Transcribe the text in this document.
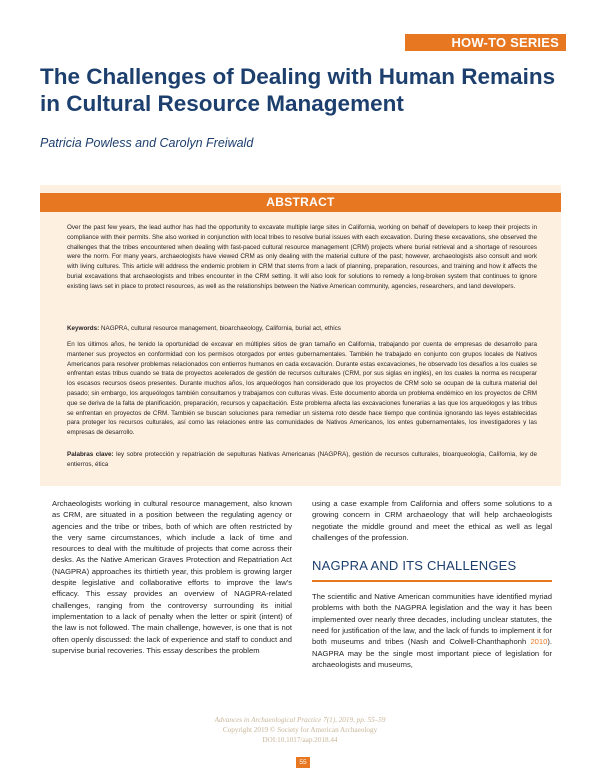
HOW-TO SERIES
The Challenges of Dealing with Human Remains in Cultural Resource Management
Patricia Powless and Carolyn Freiwald
ABSTRACT

Over the past few years, the lead author has had the opportunity to excavate multiple large sites in California, working on behalf of developers to keep their projects in compliance with their permits. She also worked in conjunction with local tribes to resolve burial issues with each excavation. During these excavations, she observed the challenges that the tribes encountered when dealing with fast-paced cultural resource management (CRM) projects where burial retrieval and a shortage of resources were the norm. For many years, archaeologists have viewed CRM as only dealing with the material culture of the past; however, archaeologists also consult and work with living cultures. This article will address the endemic problem in CRM that stems from a lack of planning, preparation, resources, and training and how it affects the burial excavations that archaeologists and tribes encounter in the CRM setting. It will also look for solutions to remedy a long-broken system that continues to ignore existing laws set in place to protect resources, as well as the relationships between the Native American community, agencies, researchers, and land developers.

Keywords: NAGPRA, cultural resource management, bioarchaeology, California, burial act, ethics

En los últimos años, he tenido la oportunidad de excavar en múltiples sitios de gran tamaño en California, trabajando por cuenta de empresas de desarrollo para mantener sus proyectos en conformidad con los permisos otorgados por entes gubernamentales. También he trabajado en conjunto con grupos locales de Nativos Americanos para resolver problemas relacionados con entierros humanos en cada excavación. Durante estas excavaciones, he observado los desafíos a los cuales se enfrentan estas tribus cuando se trata de proyectos acelerados de gestión de recursos culturales (CRM, por sus siglas en inglés), en los cuales la norma es recuperar los escasos recursos óseos presentes. Durante muchos años, los arqueólogos han considerado que los proyectos de CRM solo se ocupan de la cultura material del pasado; sin embargo, los arqueólogos también consultamos y trabajamos con culturas vivas. Este documento aborda un problema endémico en los proyectos de CRM que se deriva de la falta de planificación, preparación, recursos y capacitación. Este problema afecta las excavaciones funerarias a las que los arqueólogos y las tribus se enfrentan en proyectos de CRM. También se buscan soluciones para remediar un sistema roto desde hace tiempo que continúa ignorando las leyes establecidas para proteger los recursos culturales, así como las relaciones entre las comunidades de Nativos Americanos, los entes gubernamentales, los investigadores y las empresas de desarrollo.

Palabras clave: ley sobre protección y repatriación de sepulturas Nativas Americanas (NAGPRA), gestión de recursos culturales, bioarqueología, California, ley de entierros, ética

Archaeologists working in cultural resource management, also known as CRM, are situated in a position between the regulating agency or agencies and the tribe or tribes, both of which are often restricted by the very same circumstances, which include a lack of time and resources to deal with the multitude of projects that come across their desks. As the Native American Graves Protection and Repatriation Act (NAGPRA) approaches its thirtieth year, this problem is growing larger despite legislative and collaborative efforts to improve the law's efficacy. This essay provides an overview of NAGPRA-related challenges, ranging from the controversy surrounding its initial implementation to a lack of penalty when the letter or spirit (intent) of the law is not followed. The main challenge, however, is one that is not often openly discussed: the lack of experience and staff to conduct and supervise burial recoveries. This essay describes the problem

using a case example from California and offers some solutions to a growing concern in CRM archaeology that will help archaeologists negotiate the middle ground and meet the ethical as well as legal challenges of the profession.

NAGPRA AND ITS CHALLENGES

The scientific and Native American communities have identified myriad problems with both the NAGPRA legislation and the way it has been implemented over nearly three decades, including unclear statutes, the need for justification of the law, and the lack of funds to implement it for both museums and tribes (Nash and Colwell-Chanthaphonh 2010). NAGPRA may be the single most important piece of legislation for archaeologists and museums,

Advances in Archaeological Practice 7(1), 2019, pp. 55–59
Copyright 2019 © Society for American Archaeology
DOI:10.1017/aap.2018.44
55
